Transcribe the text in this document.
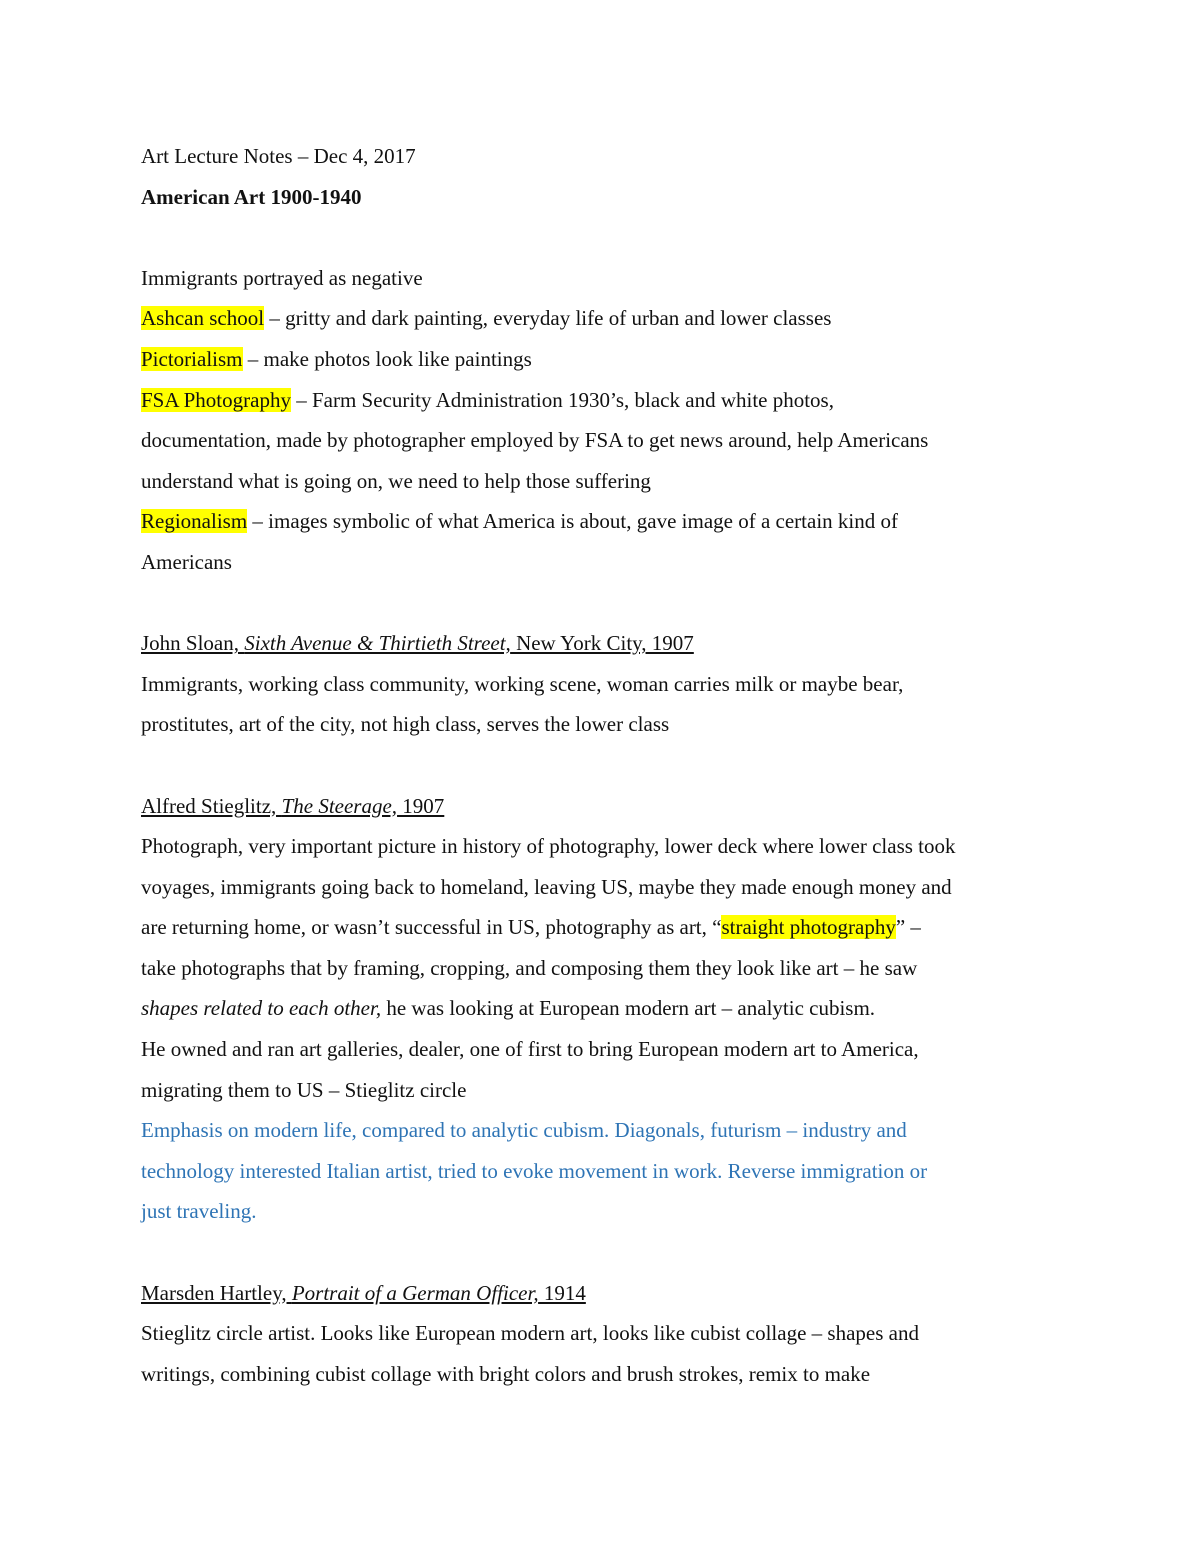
Art Lecture Notes – Dec 4, 2017
American Art 1900-1940
Immigrants portrayed as negative
Ashcan school – gritty and dark painting, everyday life of urban and lower classes
Pictorialism – make photos look like paintings
FSA Photography – Farm Security Administration 1930’s, black and white photos,
documentation, made by photographer employed by FSA to get news around, help Americans
understand what is going on, we need to help those suffering
Regionalism – images symbolic of what America is about, gave image of a certain kind of
Americans
John Sloan, Sixth Avenue & Thirtieth Street, New York City, 1907
Immigrants, working class community, working scene, woman carries milk or maybe bear,
prostitutes, art of the city, not high class, serves the lower class
Alfred Stieglitz, The Steerage, 1907
Photograph, very important picture in history of photography, lower deck where lower class took
voyages, immigrants going back to homeland, leaving US, maybe they made enough money and
are returning home, or wasn’t successful in US, photography as art, “straight photography” –
take photographs that by framing, cropping, and composing them they look like art – he saw
shapes related to each other, he was looking at European modern art – analytic cubism.
He owned and ran art galleries, dealer, one of first to bring European modern art to America,
migrating them to US – Stieglitz circle
Emphasis on modern life, compared to analytic cubism. Diagonals, futurism – industry and
technology interested Italian artist, tried to evoke movement in work. Reverse immigration or
just traveling.
Marsden Hartley, Portrait of a German Officer, 1914
Stieglitz circle artist. Looks like European modern art, looks like cubist collage – shapes and
writings, combining cubist collage with bright colors and brush strokes, remix to make
